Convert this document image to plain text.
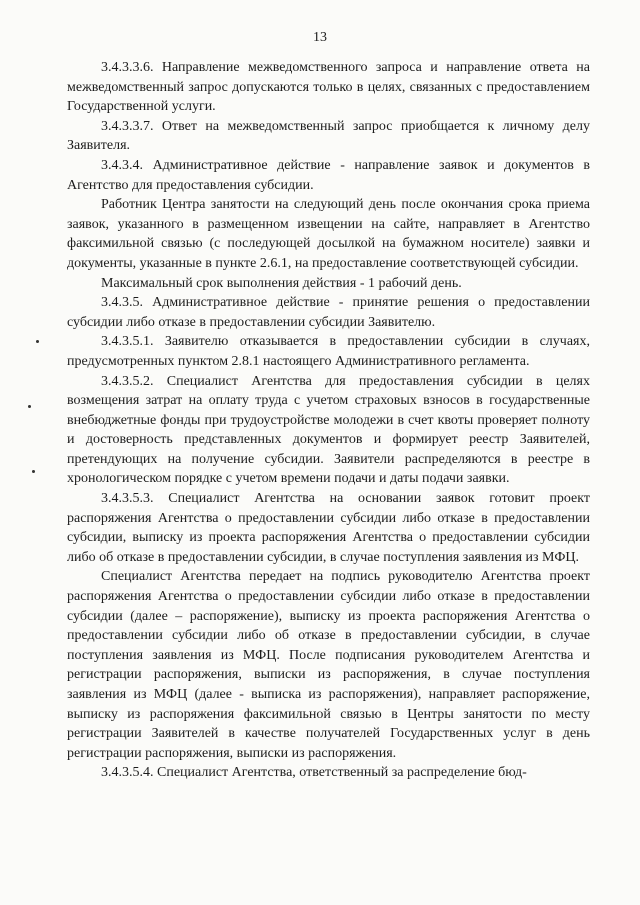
13

3.4.3.3.6. Направление межведомственного запроса и направление ответа на межведомственный запрос допускаются только в целях, связанных с предоставлением Государственной услуги.

3.4.3.3.7. Ответ на межведомственный запрос приобщается к личному делу Заявителя.

3.4.3.4. Административное действие - направление заявок и документов в Агентство для предоставления субсидии.

Работник Центра занятости на следующий день после окончания срока приема заявок, указанного в размещенном извещении на сайте, направляет в Агентство факсимильной связью (с последующей досылкой на бумажном носителе) заявки и документы, указанные в пункте 2.6.1, на предоставление соответствующей субсидии.

Максимальный срок выполнения действия - 1 рабочий день.

3.4.3.5. Административное действие - принятие решения о предоставлении субсидии либо отказе в предоставлении субсидии Заявителю.

3.4.3.5.1. Заявителю отказывается в предоставлении субсидии в случаях, предусмотренных пунктом 2.8.1 настоящего Административного регламента.

3.4.3.5.2. Специалист Агентства для предоставления субсидии в целях возмещения затрат на оплату труда с учетом страховых взносов в государственные внебюджетные фонды при трудоустройстве молодежи в счет квоты проверяет полноту и достоверность представленных документов и формирует реестр Заявителей, претендующих на получение субсидии. Заявители распределяются в реестре в хронологическом порядке с учетом времени подачи и даты подачи заявки.

3.4.3.5.3. Специалист Агентства на основании заявок готовит проект распоряжения Агентства о предоставлении субсидии либо отказе в предоставлении субсидии, выписку из проекта распоряжения Агентства о предоставлении субсидии либо об отказе в предоставлении субсидии, в случае поступления заявления из МФЦ.

Специалист Агентства передает на подпись руководителю Агентства проект распоряжения Агентства о предоставлении субсидии либо отказе в предоставлении субсидии (далее – распоряжение), выписку из проекта распоряжения Агентства о предоставлении субсидии либо об отказе в предоставлении субсидии, в случае поступления заявления из МФЦ. После подписания руководителем Агентства и регистрации распоряжения, выписки из распоряжения, в случае поступления заявления из МФЦ (далее - выписка из распоряжения), направляет распоряжение, выписку из распоряжения факсимильной связью в Центры занятости по месту регистрации Заявителей в качестве получателей Государственных услуг в день регистрации распоряжения, выписки из распоряжения.

3.4.3.5.4. Специалист Агентства, ответственный за распределение бюд-
